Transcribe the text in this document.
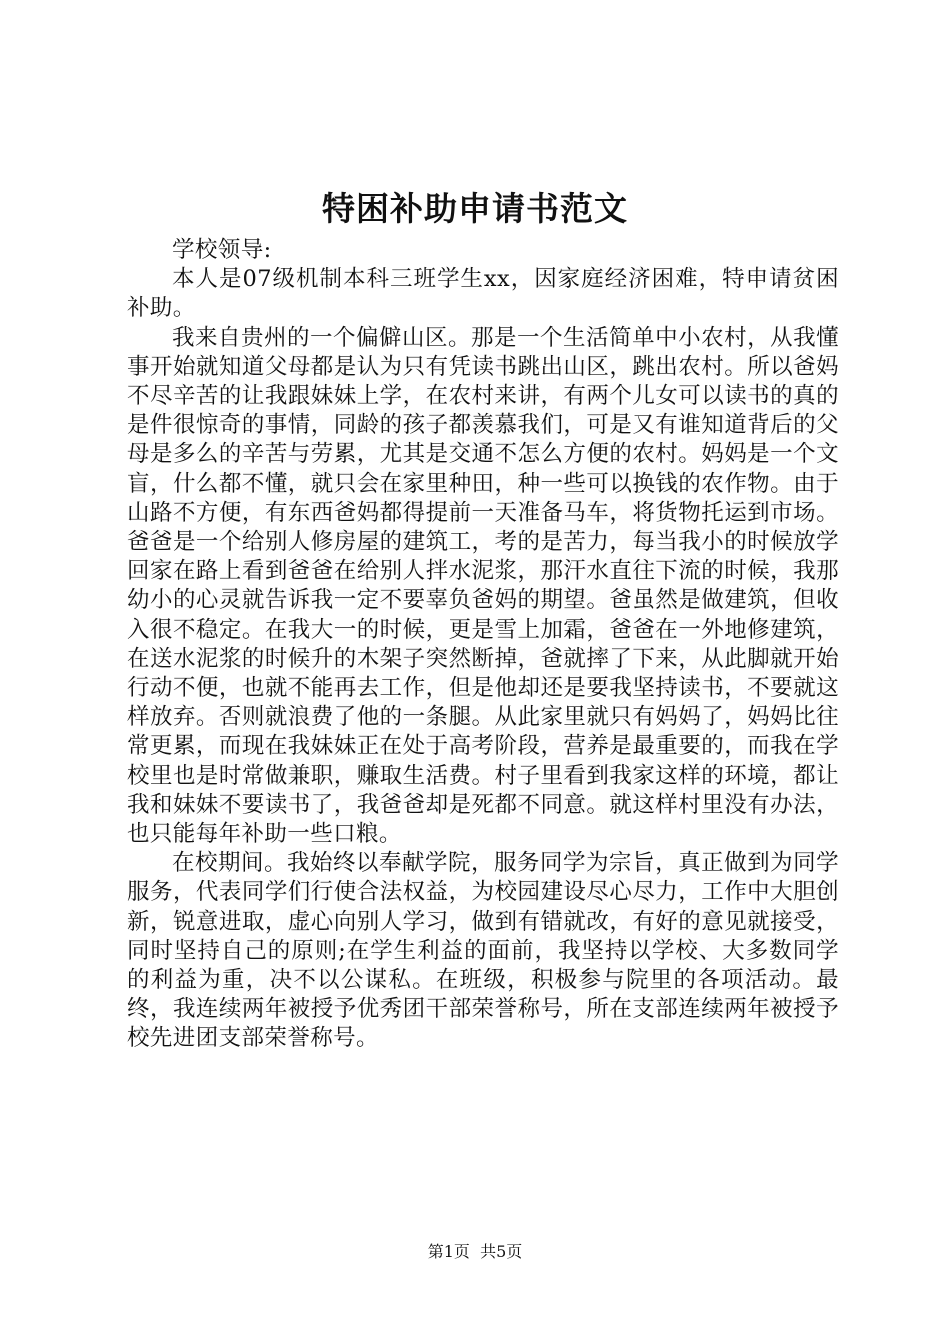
特困补助申请书范文

学校领导:

本人是07级机制本科三班学生xx，因家庭经济困难，特申请贫困补助。

我来自贵州的一个偏僻山区。那是一个生活简单中小农村，从我懂事开始就知道父母都是认为只有凭读书跳出山区，跳出农村。所以爸妈不尽辛苦的让我跟妹妹上学，在农村来讲，有两个儿女可以读书的真的是件很惊奇的事情，同龄的孩子都羡慕我们，可是又有谁知道背后的父母是多么的辛苦与劳累，尤其是交通不怎么方便的农村。妈妈是一个文盲，什么都不懂，就只会在家里种田，种一些可以换钱的农作物。由于山路不方便，有东西爸妈都得提前一天准备马车，将货物托运到市场。爸爸是一个给别人修房屋的建筑工，考的是苦力，每当我小的时候放学回家在路上看到爸爸在给别人拌水泥浆，那汗水直往下流的时候，我那幼小的心灵就告诉我一定不要辜负爸妈的期望。爸虽然是做建筑，但收入很不稳定。在我大一的时候，更是雪上加霜，爸爸在一外地修建筑，在送水泥浆的时候升的木架子突然断掉，爸就摔了下来，从此脚就开始行动不便，也就不能再去工作，但是他却还是要我坚持读书，不要就这样放弃。否则就浪费了他的一条腿。从此家里就只有妈妈了，妈妈比往常更累，而现在我妹妹正在处于高考阶段，营养是最重要的，而我在学校里也是时常做兼职，赚取生活费。村子里看到我家这样的环境，都让我和妹妹不要读书了，我爸爸却是死都不同意。就这样村里没有办法，也只能每年补助一些口粮。

在校期间。我始终以奉献学院，服务同学为宗旨，真正做到为同学服务，代表同学们行使合法权益，为校园建设尽心尽力，工作中大胆创新，锐意进取，虚心向别人学习，做到有错就改，有好的意见就接受，同时坚持自己的原则;在学生利益的面前，我坚持以学校、大多数同学的利益为重，决不以公谋私。在班级，积极参与院里的各项活动。最终，我连续两年被授予优秀团干部荣誉称号，所在支部连续两年被授予校先进团支部荣誉称号。

第1页  共5页
